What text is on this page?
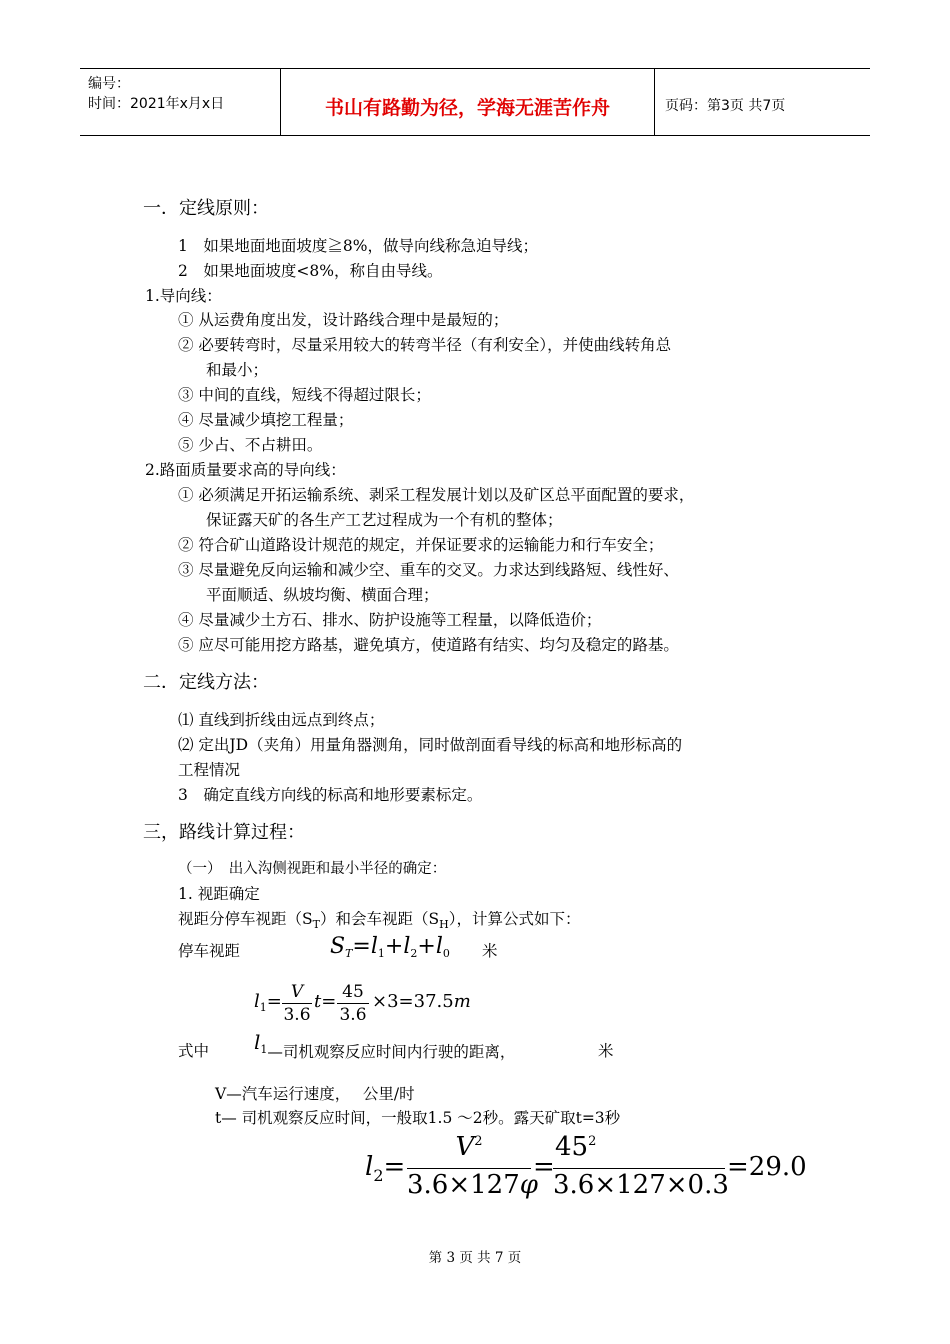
编号：
时间：2021年x月x日	书山有路勤为径，学海无涯苦作舟	页码：第3页 共7页
一．定线原则：
1　如果地面地面坡度≧8%，做导向线称急迫导线；
2　如果地面坡度<8%，称自由导线。
1.导向线：
① 从运费角度出发，设计路线合理中是最短的；
② 必要转弯时，尽量采用较大的转弯半径（有利安全），并使曲线转角总
和最小；
③ 中间的直线，短线不得超过限长；
④ 尽量减少填挖工程量；
⑤ 少占、不占耕田。
2.路面质量要求高的导向线：
① 必须满足开拓运输系统、剥采工程发展计划以及矿区总平面配置的要求，
保证露天矿的各生产工艺过程成为一个有机的整体；
② 符合矿山道路设计规范的规定，并保证要求的运输能力和行车安全；
③ 尽量避免反向运输和减少空、重车的交叉。力求达到线路短、线性好、
平面顺适、纵坡均衡、横面合理；
④ 尽量减少土方石、排水、防护设施等工程量，以降低造价；
⑤ 应尽可能用挖方路基，避免填方，使道路有结实、均匀及稳定的路基。
二．定线方法：
⑴ 直线到折线由远点到终点；
⑵ 定出JD（夹角）用量角器测角，同时做剖面看导线的标高和地形标高的
工程情况
3　确定直线方向线的标高和地形要素标定。
三，路线计算过程：
（一）　出入沟侧视距和最小半径的确定：
1. 视距确定
视距分停车视距$(S_T)$和会车视距$(S_H)$，计算公式如下：
停车视距	ST=l1+l2+l0 米
$l_1= V$
3.6
t= 45
3.6
×3=37.5m
式中 $l_1—$司机观察反应时间内行驶的距离，	米
V—汽车运行速度，　 公里/时
t— 司机观察反应时间，一般取1.5 ～2秒。露天矿取t=3秒
$l_2=$
$V^2$
3.6×127φ
=
$45^2$
3.6×127×0.3
=29.0
第 3 页 共 7 页
